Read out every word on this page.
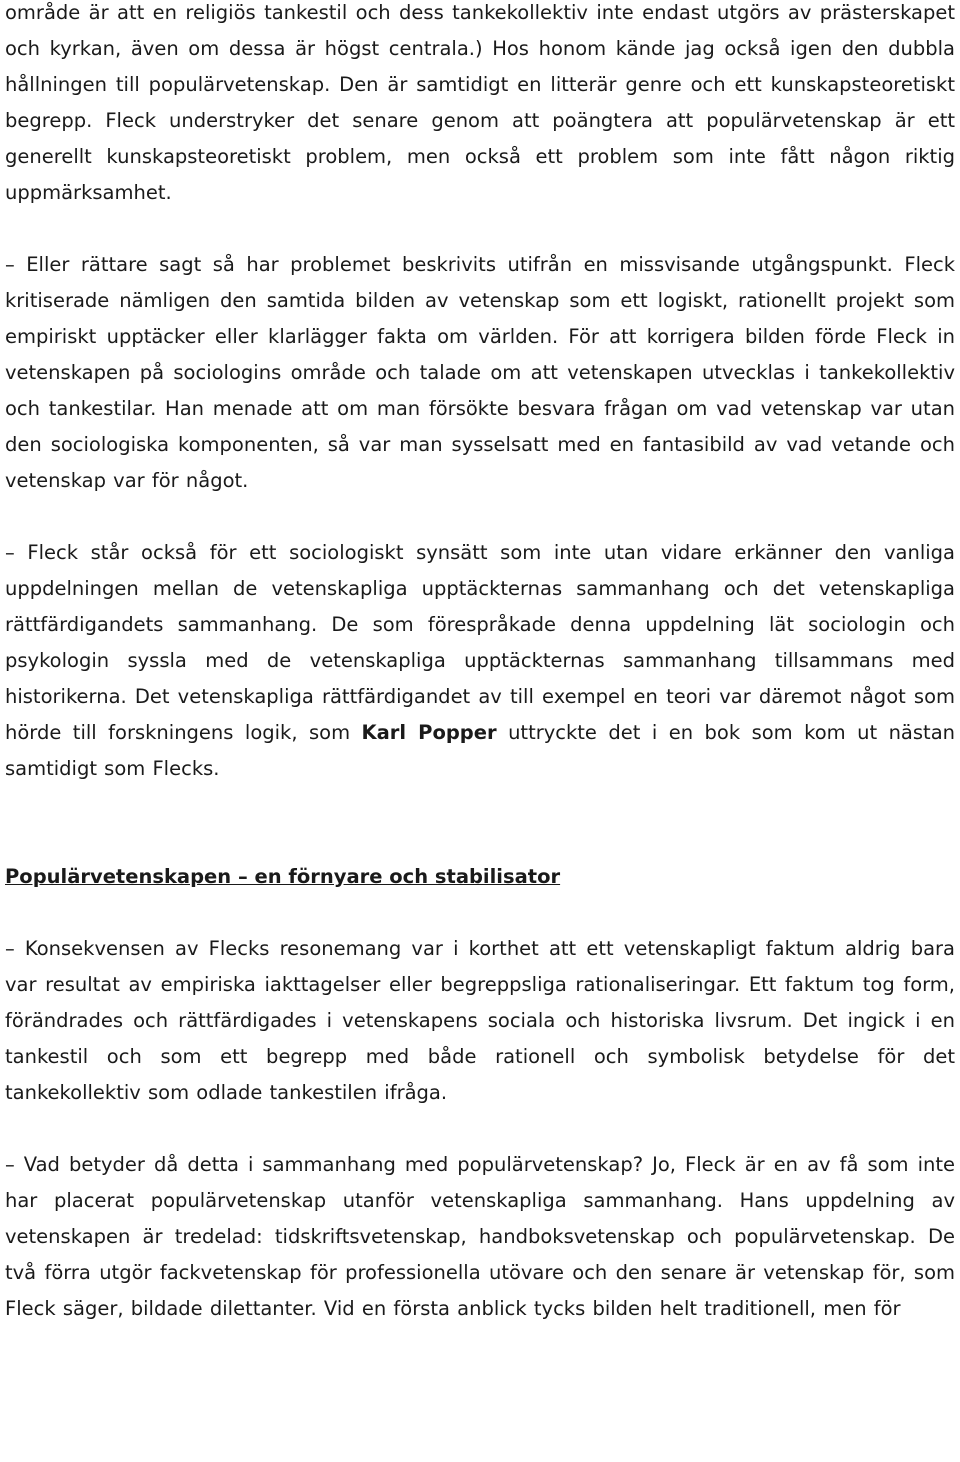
område är att en religiös tankestil och dess tankekollektiv inte endast utgörs av prästerskapet och kyrkan, även om dessa är högst centrala.) Hos honom kände jag också igen den dubbla hållningen till populärvetenskap. Den är samtidigt en litterär genre och ett kunskapsteoretiskt begrepp. Fleck understryker det senare genom att poängtera att populärvetenskap är ett generellt kunskapsteoretiskt problem, men också ett problem som inte fått någon riktig uppmärksamhet.

– Eller rättare sagt så har problemet beskrivits utifrån en missvisande utgångspunkt. Fleck kritiserade nämligen den samtida bilden av vetenskap som ett logiskt, rationellt projekt som empiriskt upptäcker eller klarlägger fakta om världen. För att korrigera bilden förde Fleck in vetenskapen på sociologins område och talade om att vetenskapen utvecklas i tankekollektiv och tankestilar. Han menade att om man försökte besvara frågan om vad vetenskap var utan den sociologiska komponenten, så var man sysselsatt med en fantasibild av vad vetande och vetenskap var för något.

– Fleck står också för ett sociologiskt synsätt som inte utan vidare erkänner den vanliga uppdelningen mellan de vetenskapliga upptäckternas sammanhang och det vetenskapliga rättfärdigandets sammanhang. De som förespråkade denna uppdelning lät sociologin och psykologin syssla med de vetenskapliga upptäckternas sammanhang tillsammans med historikerna. Det vetenskapliga rättfärdigandet av till exempel en teori var däremot något som hörde till forskningens logik, som Karl Popper uttryckte det i en bok som kom ut nästan samtidigt som Flecks.

Populärvetenskapen – en förnyare och stabilisator

– Konsekvensen av Flecks resonemang var i korthet att ett vetenskapligt faktum aldrig bara var resultat av empiriska iakttagelser eller begreppsliga rationaliseringar. Ett faktum tog form, förändrades och rättfärdigades i vetenskapens sociala och historiska livsrum. Det ingick i en tankestil och som ett begrepp med både rationell och symbolisk betydelse för det tankekollektiv som odlade tankestilen ifråga.

– Vad betyder då detta i sammanhang med populärvetenskap? Jo, Fleck är en av få som inte har placerat populärvetenskap utanför vetenskapliga sammanhang. Hans uppdelning av vetenskapen är tredelad: tidskriftsvetenskap, handboksvetenskap och populärvetenskap. De två förra utgör fackvetenskap för professionella utövare och den senare är vetenskap för, som Fleck säger, bildade dilettanter. Vid en första anblick tycks bilden helt traditionell, men för
